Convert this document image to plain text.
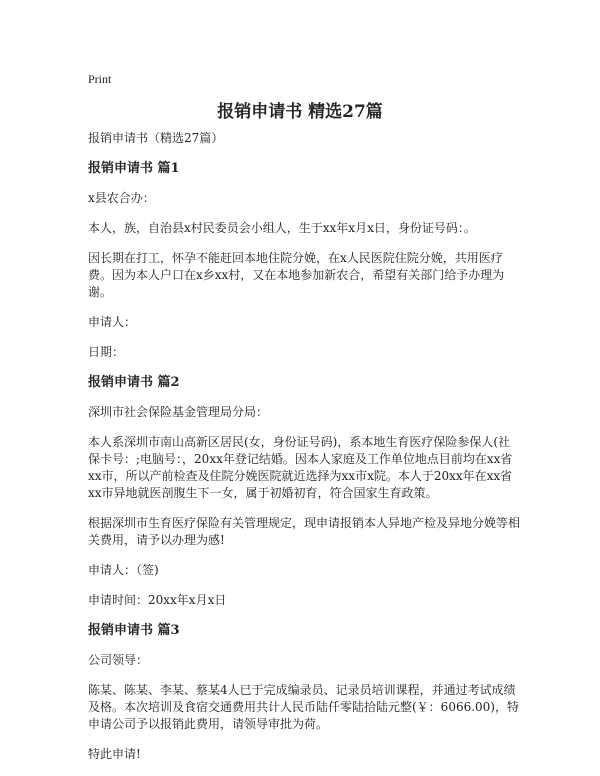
Print
报销申请书 精选27篇

报销申请书（精选27篇）

报销申请书 篇1

x县农合办：

本人，族，自治县x村民委员会小组人，生于xx年x月x日，身份证号码：。

因长期在打工，怀孕不能赶回本地住院分娩，在x人民医院住院分娩，共用医疗费。因为本人户口在x乡xx村，又在本地参加新农合，希望有关部门给予办理为谢。

申请人：

日期：

报销申请书 篇2

深圳市社会保险基金管理局分局：

本人系深圳市南山高新区居民(女，身份证号码)，系本地生育医疗保险参保人(社保卡号：;电脑号：，20xx年登记结婚。因本人家庭及工作单位地点目前均在xx省xx市，所以产前检查及住院分娩医院就近选择为xx市x院。本人于20xx年在xx省xx市异地就医剖腹生下一女，属于初婚初育，符合国家生育政策。

根据深圳市生育医疗保险有关管理规定，现申请报销本人异地产检及异地分娩等相关费用，请予以办理为感!

申请人：（签)

申请时间：20xx年x月x日

报销申请书 篇3

公司领导：

陈某、陈某、李某、蔡某4人已于完成编录员、记录员培训课程，并通过考试成绩及格。本次培训及食宿交通费用共计人民币陆仟零陆拾陆元整(￥：6066.00)，特申请公司予以报销此费用，请领导审批为荷。

特此申请!
